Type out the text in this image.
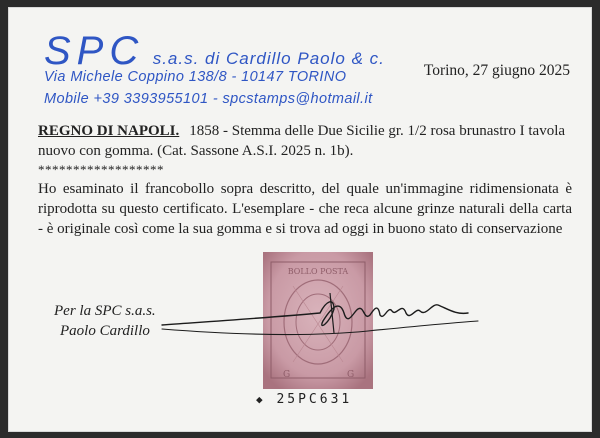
SPC s.a.s. di Cardillo Paolo & c.
Via Michele Coppino 138/8 - 10147 TORINO
Mobile +39 3393955101 - spcstamps@hotmail.it
Torino, 27 giugno 2025
REGNO DI NAPOLI. 1858 - Stemma delle Due Sicilie gr. 1/2 rosa brunastro I tavola nuovo con gomma. (Cat. Sassone A.S.I. 2025 n. 1b).
******************
Ho esaminato il francobollo sopra descritto, del quale un'immagine ridimensionata è riprodotta su questo certificato. L'esemplare - che reca alcune grinze naturali della carta - è originale così come la sua gomma e si trova ad oggi in buono stato di conservazione
BOLLO POSTA
G	G
Per la SPC s.a.s.
Paolo Cardillo
◆ 25PC631
